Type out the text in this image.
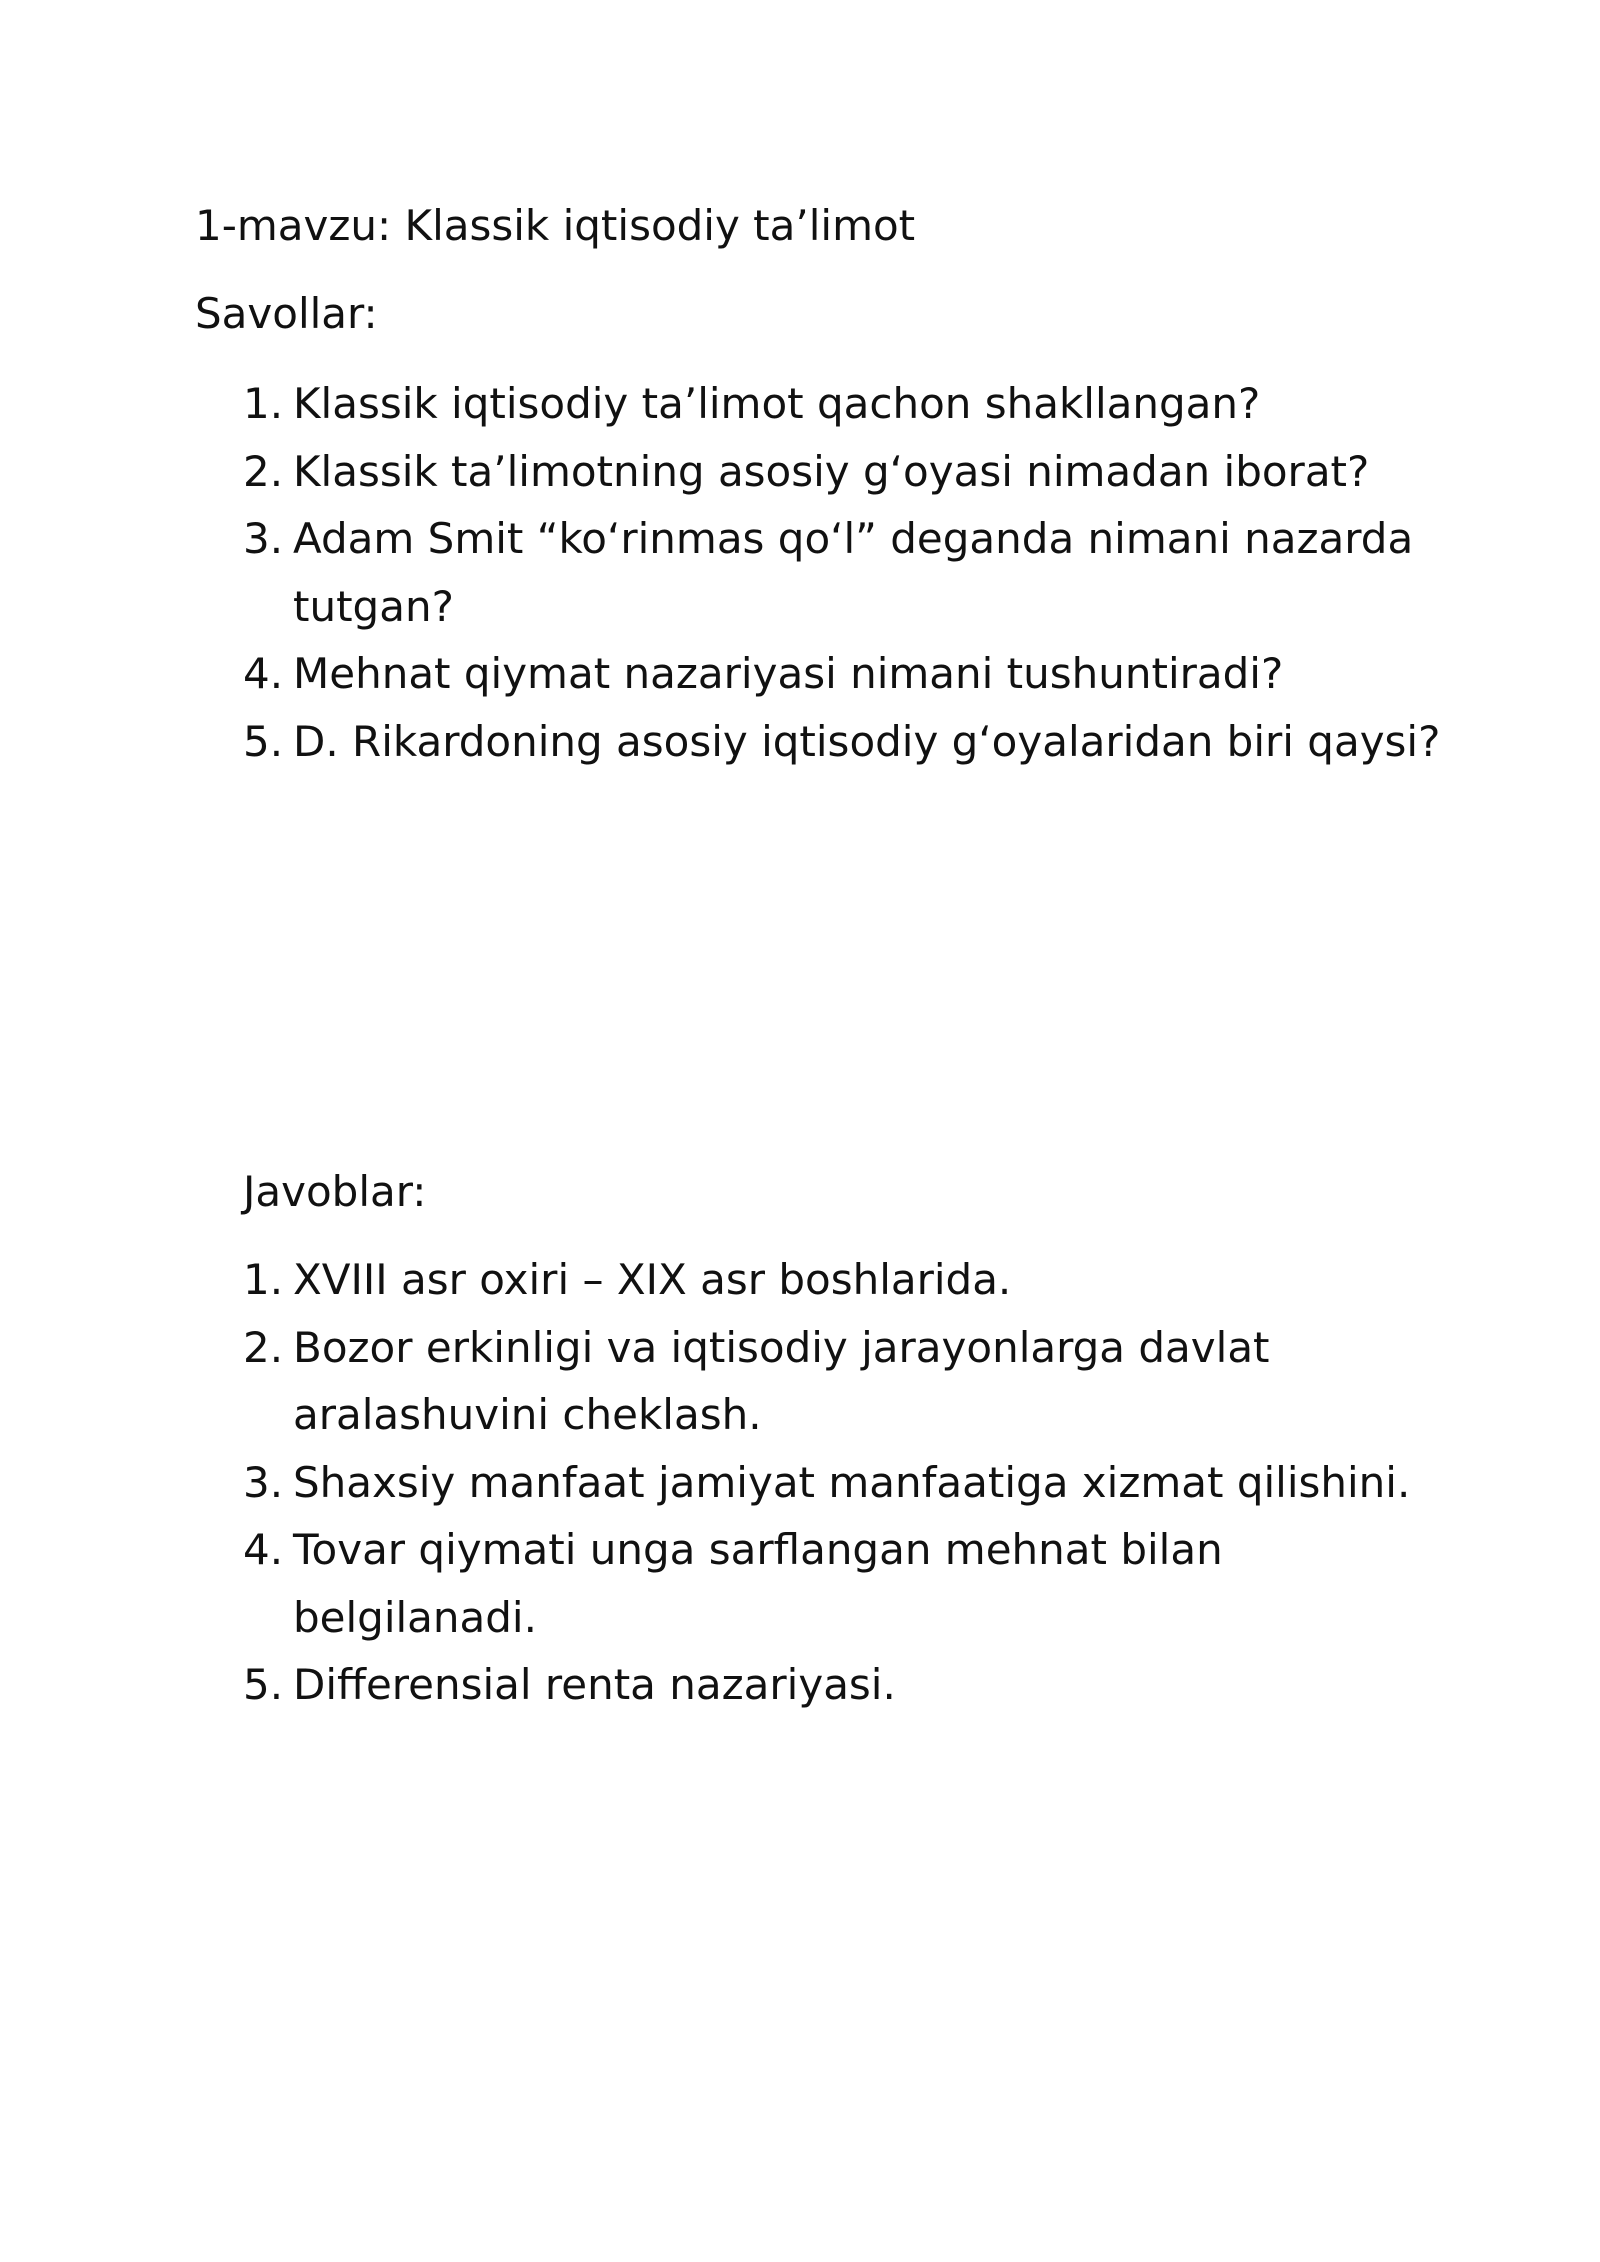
1-mavzu: Klassik iqtisodiy ta’limot
Savollar:
1. Klassik iqtisodiy ta’limot qachon shakllangan?
2. Klassik ta’limotning asosiy g‘oyasi nimadan iborat?
3. Adam Smit “ko‘rinmas qo‘l” deganda nimani nazarda tutgan?
4. Mehnat qiymat nazariyasi nimani tushuntiradi?
5. D. Rikardoning asosiy iqtisodiy g‘oyalaridan biri qaysi?
Javoblar:
1. XVIII asr oxiri – XIX asr boshlarida.
2. Bozor erkinligi va iqtisodiy jarayonlarga davlat aralashuvini cheklash.
3. Shaxsiy manfaat jamiyat manfaatiga xizmat qilishini.
4. Tovar qiymati unga sarflangan mehnat bilan belgilanadi.
5. Differensial renta nazariyasi.
